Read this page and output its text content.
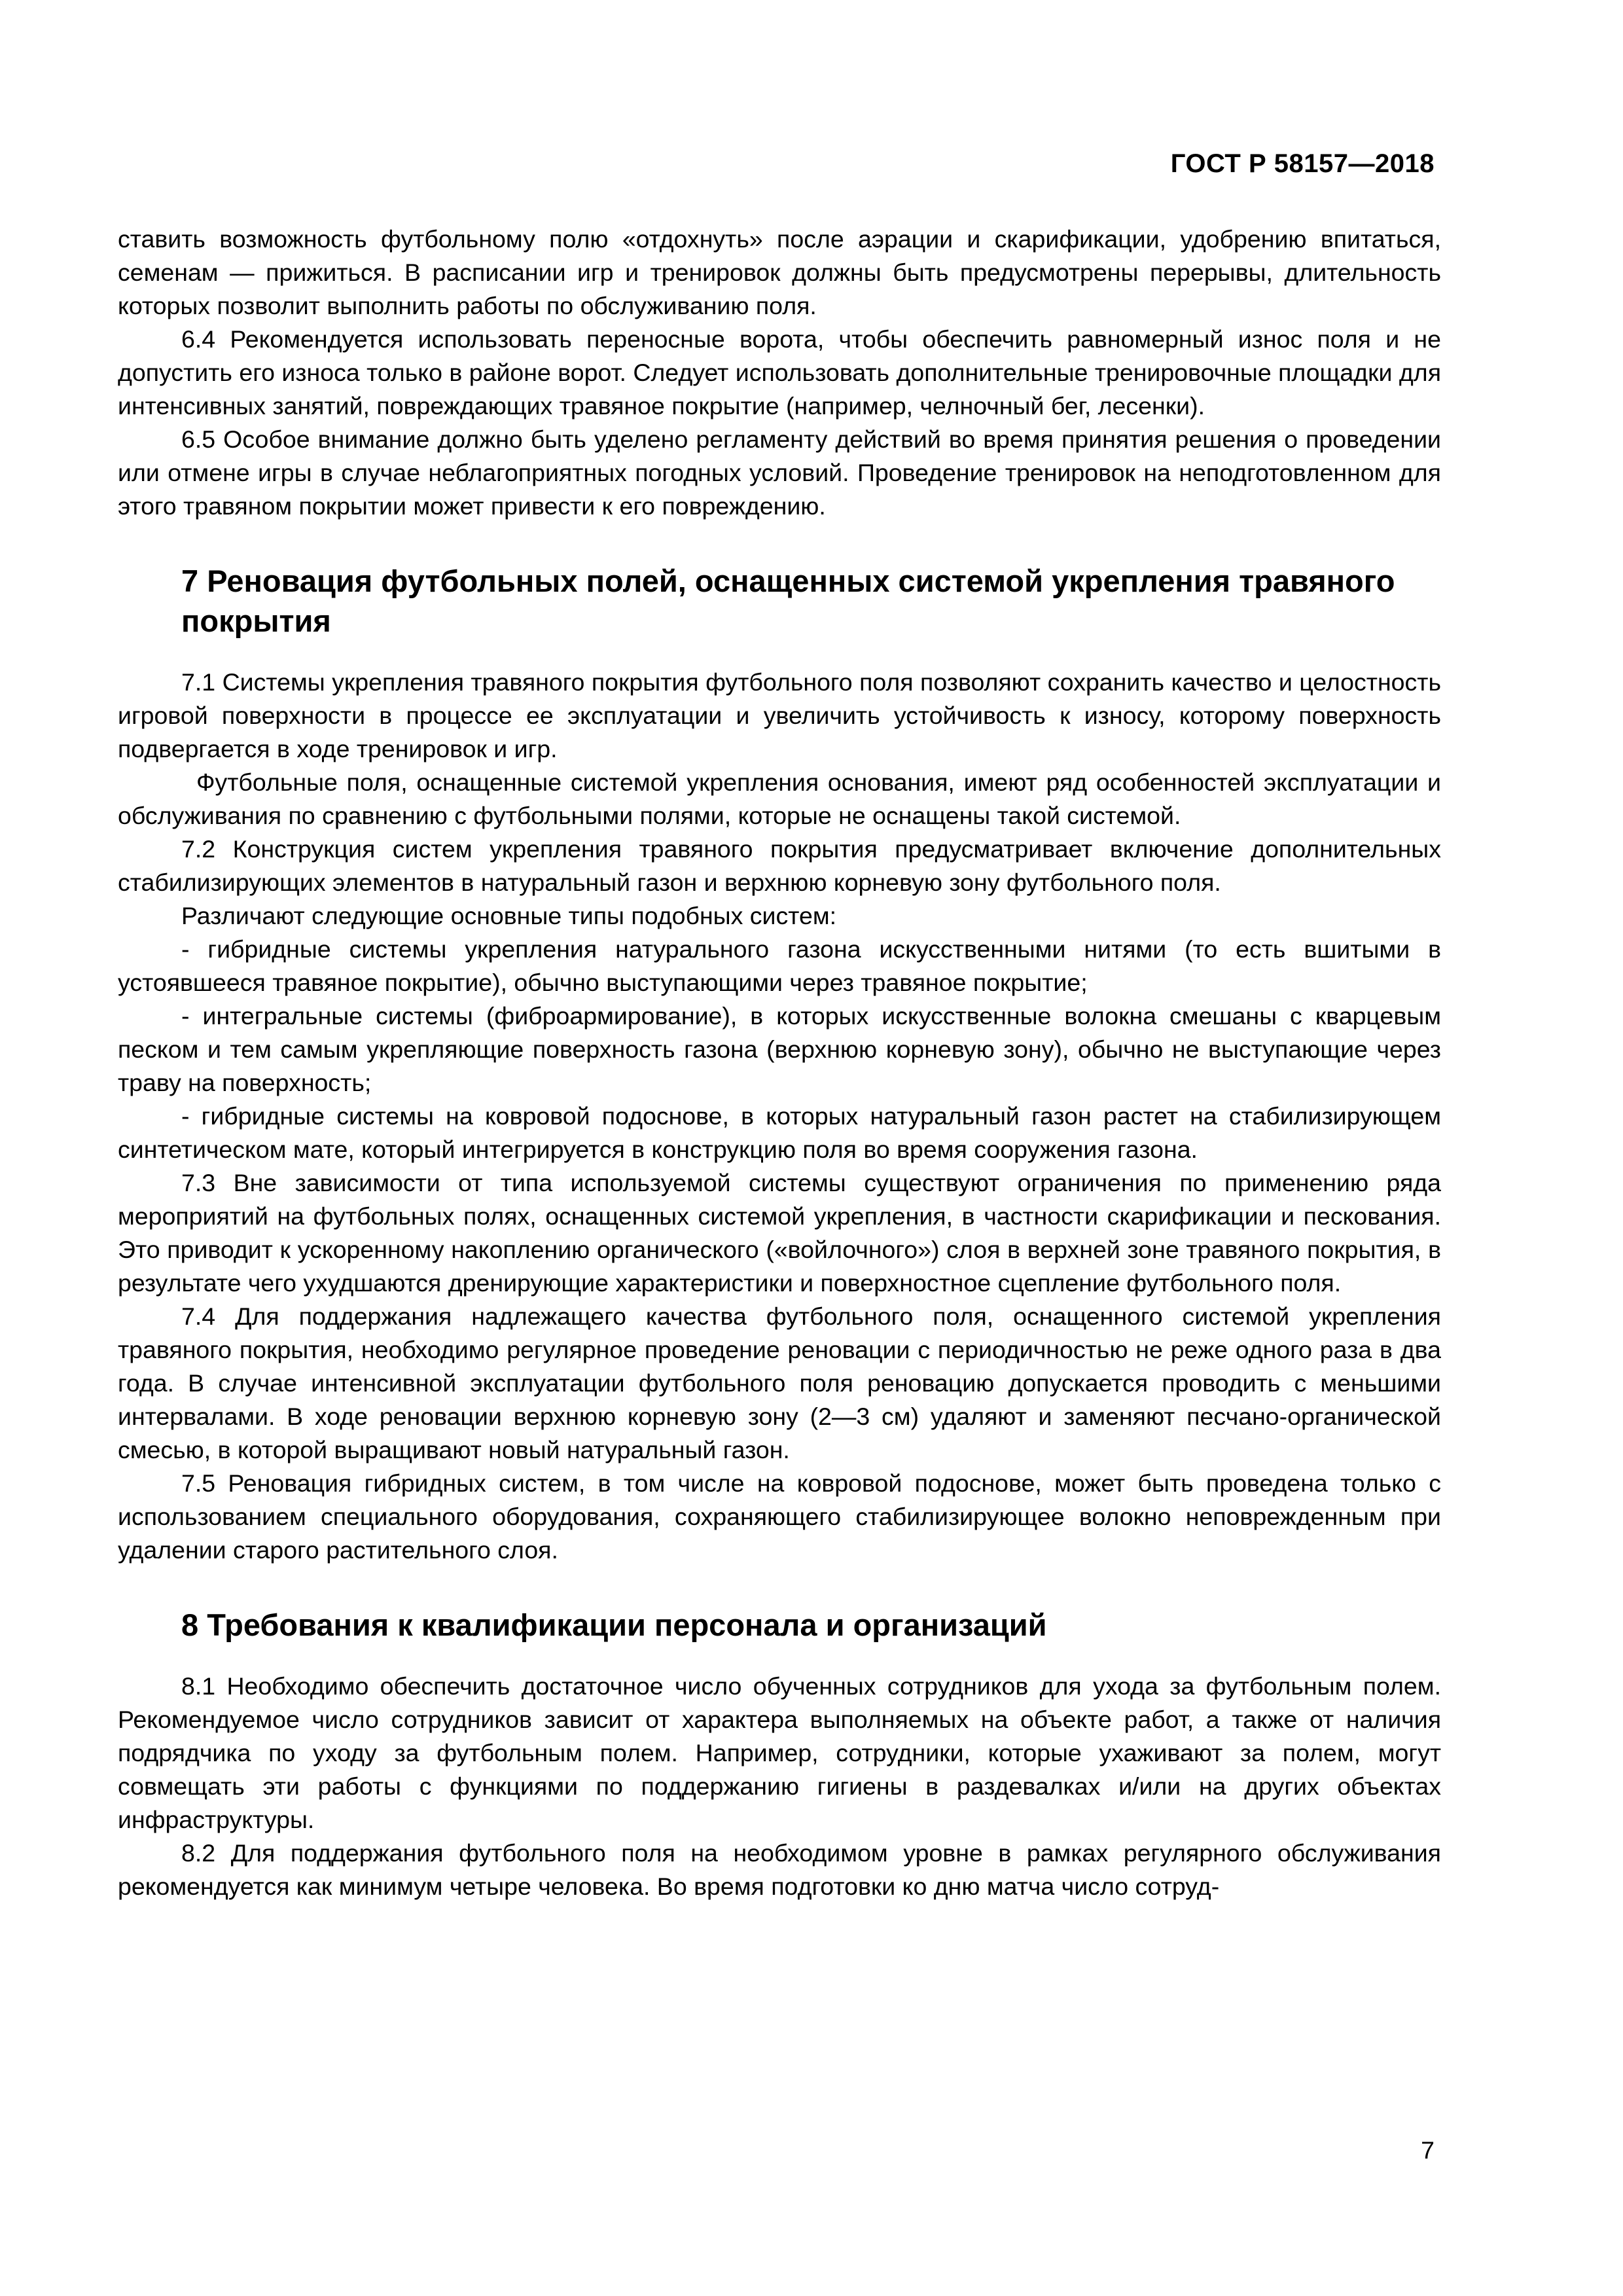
ГОСТ Р 58157—2018

ставить возможность футбольному полю «отдохнуть» после аэрации и скарификации, удобрению впитаться, семенам — прижиться. В расписании игр и тренировок должны быть предусмотрены перерывы, длительность которых позволит выполнить работы по обслуживанию поля.

6.4 Рекомендуется использовать переносные ворота, чтобы обеспечить равномерный износ поля и не допустить его износа только в районе ворот. Следует использовать дополнительные тренировочные площадки для интенсивных занятий, повреждающих травяное покрытие (например, челночный бег, лесенки).

6.5 Особое внимание должно быть уделено регламенту действий во время принятия решения о проведении или отмене игры в случае неблагоприятных погодных условий. Проведение тренировок на неподготовленном для этого травяном покрытии может привести к его повреждению.

7 Реновация футбольных полей, оснащенных системой укрепления травяного покрытия

7.1 Системы укрепления травяного покрытия футбольного поля позволяют сохранить качество и целостность игровой поверхности в процессе ее эксплуатации и увеличить устойчивость к износу, которому поверхность подвергается в ходе тренировок и игр.

Футбольные поля, оснащенные системой укрепления основания, имеют ряд особенностей эксплуатации и обслуживания по сравнению с футбольными полями, которые не оснащены такой системой.

7.2 Конструкция систем укрепления травяного покрытия предусматривает включение дополнительных стабилизирующих элементов в натуральный газон и верхнюю корневую зону футбольного поля.

Различают следующие основные типы подобных систем:

- гибридные системы укрепления натурального газона искусственными нитями (то есть вшитыми в устоявшееся травяное покрытие), обычно выступающими через травяное покрытие;

- интегральные системы (фиброармирование), в которых искусственные волокна смешаны с кварцевым песком и тем самым укрепляющие поверхность газона (верхнюю корневую зону), обычно не выступающие через траву на поверхность;

- гибридные системы на ковровой подоснове, в которых натуральный газон растет на стабилизирующем синтетическом мате, который интегрируется в конструкцию поля во время сооружения газона.

7.3 Вне зависимости от типа используемой системы существуют ограничения по применению ряда мероприятий на футбольных полях, оснащенных системой укрепления, в частности скарификации и пескования. Это приводит к ускоренному накоплению органического («войлочного») слоя в верхней зоне травяного покрытия, в результате чего ухудшаются дренирующие характеристики и поверхностное сцепление футбольного поля.

7.4 Для поддержания надлежащего качества футбольного поля, оснащенного системой укрепления травяного покрытия, необходимо регулярное проведение реновации с периодичностью не реже одного раза в два года. В случае интенсивной эксплуатации футбольного поля реновацию допускается проводить с меньшими интервалами. В ходе реновации верхнюю корневую зону (2—3 см) удаляют и заменяют песчано-органической смесью, в которой выращивают новый натуральный газон.

7.5 Реновация гибридных систем, в том числе на ковровой подоснове, может быть проведена только с использованием специального оборудования, сохраняющего стабилизирующее волокно неповрежденным при удалении старого растительного слоя.

8 Требования к квалификации персонала и организаций

8.1 Необходимо обеспечить достаточное число обученных сотрудников для ухода за футбольным полем. Рекомендуемое число сотрудников зависит от характера выполняемых на объекте работ, а также от наличия подрядчика по уходу за футбольным полем. Например, сотрудники, которые ухаживают за полем, могут совмещать эти работы с функциями по поддержанию гигиены в раздевалках и/или на других объектах инфраструктуры.

8.2 Для поддержания футбольного поля на необходимом уровне в рамках регулярного обслуживания рекомендуется как минимум четыре человека. Во время подготовки ко дню матча число сотруд-

7
